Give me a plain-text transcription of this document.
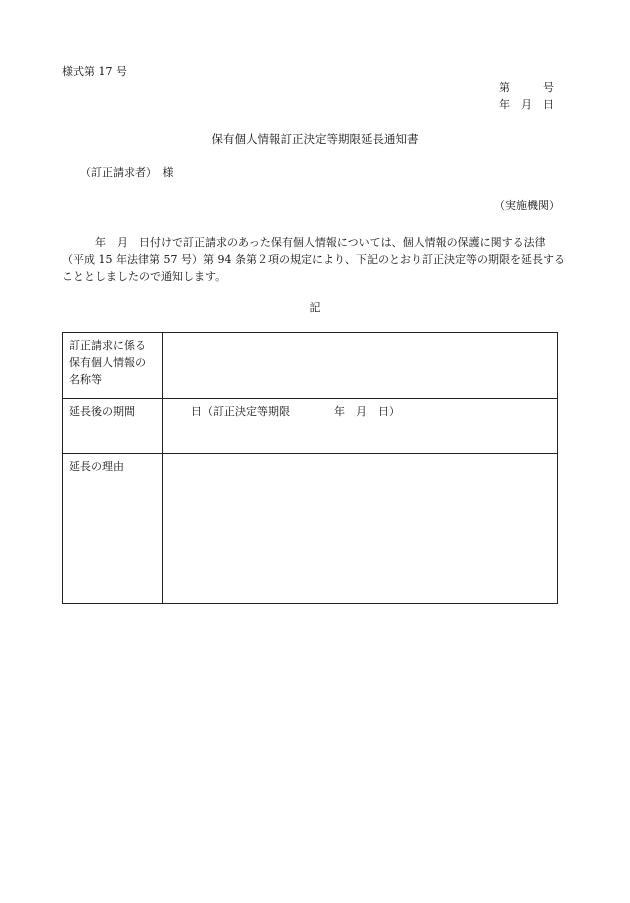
様式第 17 号
第　　　号
年　月　日
保有個人情報訂正決定等期限延長通知書
（訂正請求者）　様
（実施機関）
　　　年　月　日付けで訂正請求のあった保有個人情報については、個人情報の保護に関する法律
（平成 15 年法律第 57 号）第 94 条第２項の規定により、下記のとおり訂正決定等の期限を延長する
こととしましたので通知します。
記
訂正請求に係る
保有個人情報の
名称等	

延長後の期間	日（訂正決定等期限　　　　年　月　日）

延長の理由	
